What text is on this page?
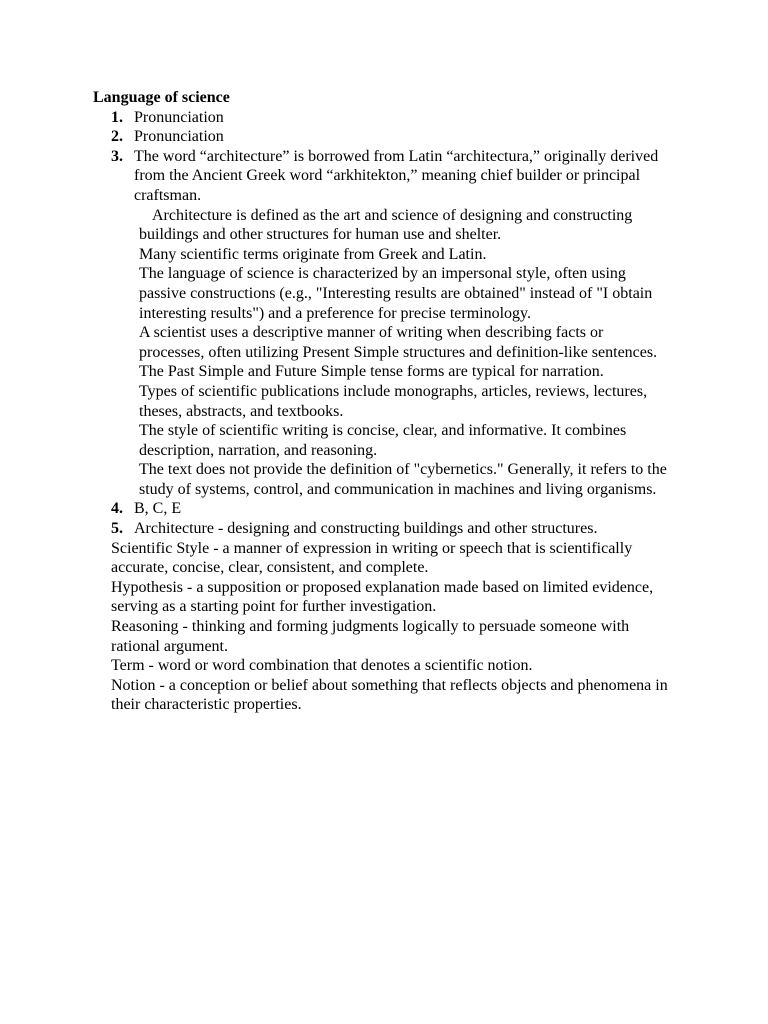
Language of science
1. Pronunciation
2. Pronunciation
3. The word “architecture” is borrowed from Latin “architectura,” originally derived from the Ancient Greek word “arkhitekton,” meaning chief builder or principal craftsman.
Architecture is defined as the art and science of designing and constructing buildings and other structures for human use and shelter.
Many scientific terms originate from Greek and Latin.
The language of science is characterized by an impersonal style, often using passive constructions (e.g., "Interesting results are obtained" instead of "I obtain interesting results") and a preference for precise terminology.
A scientist uses a descriptive manner of writing when describing facts or processes, often utilizing Present Simple structures and definition-like sentences.
The Past Simple and Future Simple tense forms are typical for narration.
Types of scientific publications include monographs, articles, reviews, lectures, theses, abstracts, and textbooks.
The style of scientific writing is concise, clear, and informative. It combines description, narration, and reasoning.
The text does not provide the definition of "cybernetics." Generally, it refers to the study of systems, control, and communication in machines and living organisms.
4. B, C, E
5. Architecture - designing and constructing buildings and other structures.
Scientific Style - a manner of expression in writing or speech that is scientifically accurate, concise, clear, consistent, and complete.
Hypothesis - a supposition or proposed explanation made based on limited evidence, serving as a starting point for further investigation.
Reasoning - thinking and forming judgments logically to persuade someone with rational argument.
Term - word or word combination that denotes a scientific notion.
Notion - a conception or belief about something that reflects objects and phenomena in their characteristic properties.
